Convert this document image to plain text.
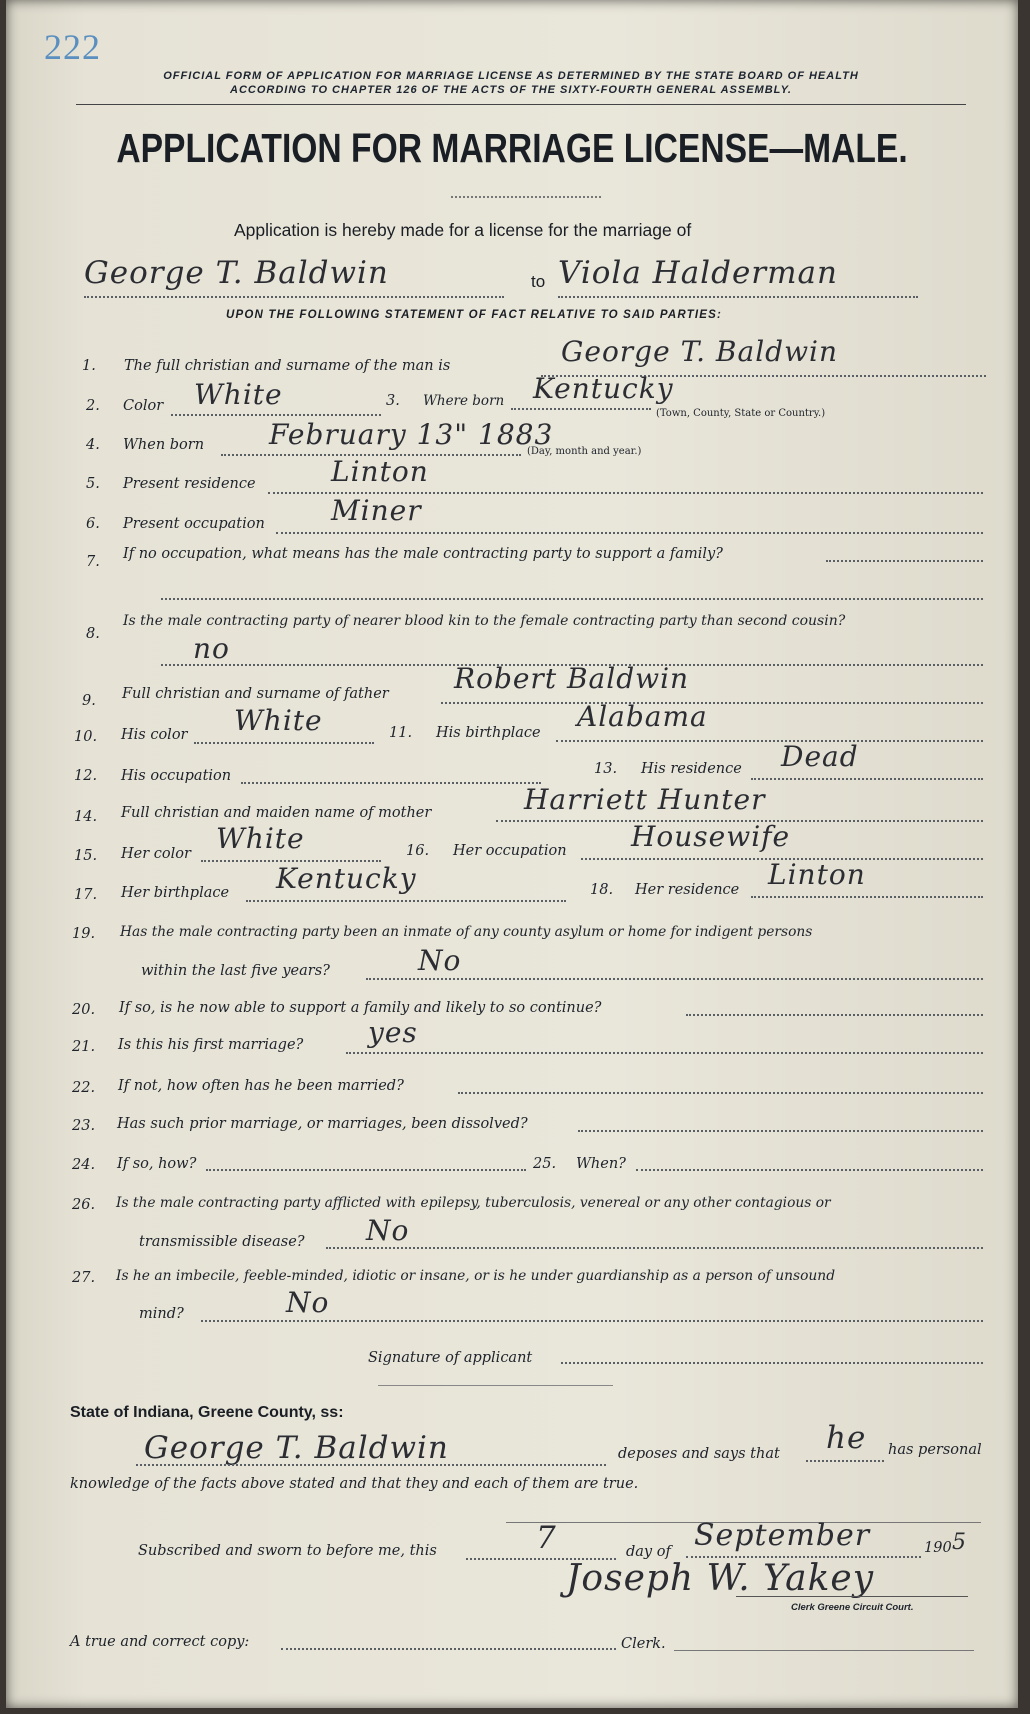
222
OFFICIAL FORM OF APPLICATION FOR MARRIAGE LICENSE AS DETERMINED BY THE STATE BOARD OF HEALTH
ACCORDING TO CHAPTER 126 OF THE ACTS OF THE SIXTY-FOURTH GENERAL ASSEMBLY.
APPLICATION FOR MARRIAGE LICENSE—MALE.
Application is hereby made for a license for the marriage of
George T. Baldwin	to Viola Halderman
UPON THE FOLLOWING STATEMENT OF FACT RELATIVE TO SAID PARTIES:
1. The full christian and surname of the man is	George T. Baldwin
2. Color White	3. Where born Kentucky
(Town, County, State or Country.)
4. When born February 13" 1883
(Day, month and year.)
5. Present residence	Linton
6. Present occupation Miner
7. If no occupation, what means has the male contracting party to support a family?
8.
Is the male contracting party of nearer blood kin to the female contracting party than second cousin?
no
9. Full christian and surname of father Robert Baldwin
10. His color White	11. His birthplace Alabama
12. His occupation	13. His residence Dead
14. Full christian and maiden name of mother	Harriett Hunter
15. Her color White	16. Her occupation Housewife
17. Her birthplace Kentucky	18. Her residence Linton
19. Has the male contracting party been an inmate of any county asylum or home for indigent persons
within the last five years?	No
20. If so, is he now able to support a family and likely to so continue?
21. Is this his first marriage? yes
22. If not, how often has he been married?
23. Has such prior marriage, or marriages, been dissolved?
24. If so, how?	25. When?
26. Is the male contracting party afflicted with epilepsy, tuberculosis, venereal or any other contagious or
transmissible disease? No
27. Is he an imbecile, feeble-minded, idiotic or insane, or is he under guardianship as a person of unsound
mind?	No
Signature of applicant
State of Indiana, Greene County, ss:
George T. Baldwin	deposes and says that he has personal
knowledge of the facts above stated and that they and each of them are true.
Subscribed and sworn to before me, this	7	day of September	190 5
Joseph W. Yakey
Clerk Greene Circuit Court.
A true and correct copy:	Clerk.
